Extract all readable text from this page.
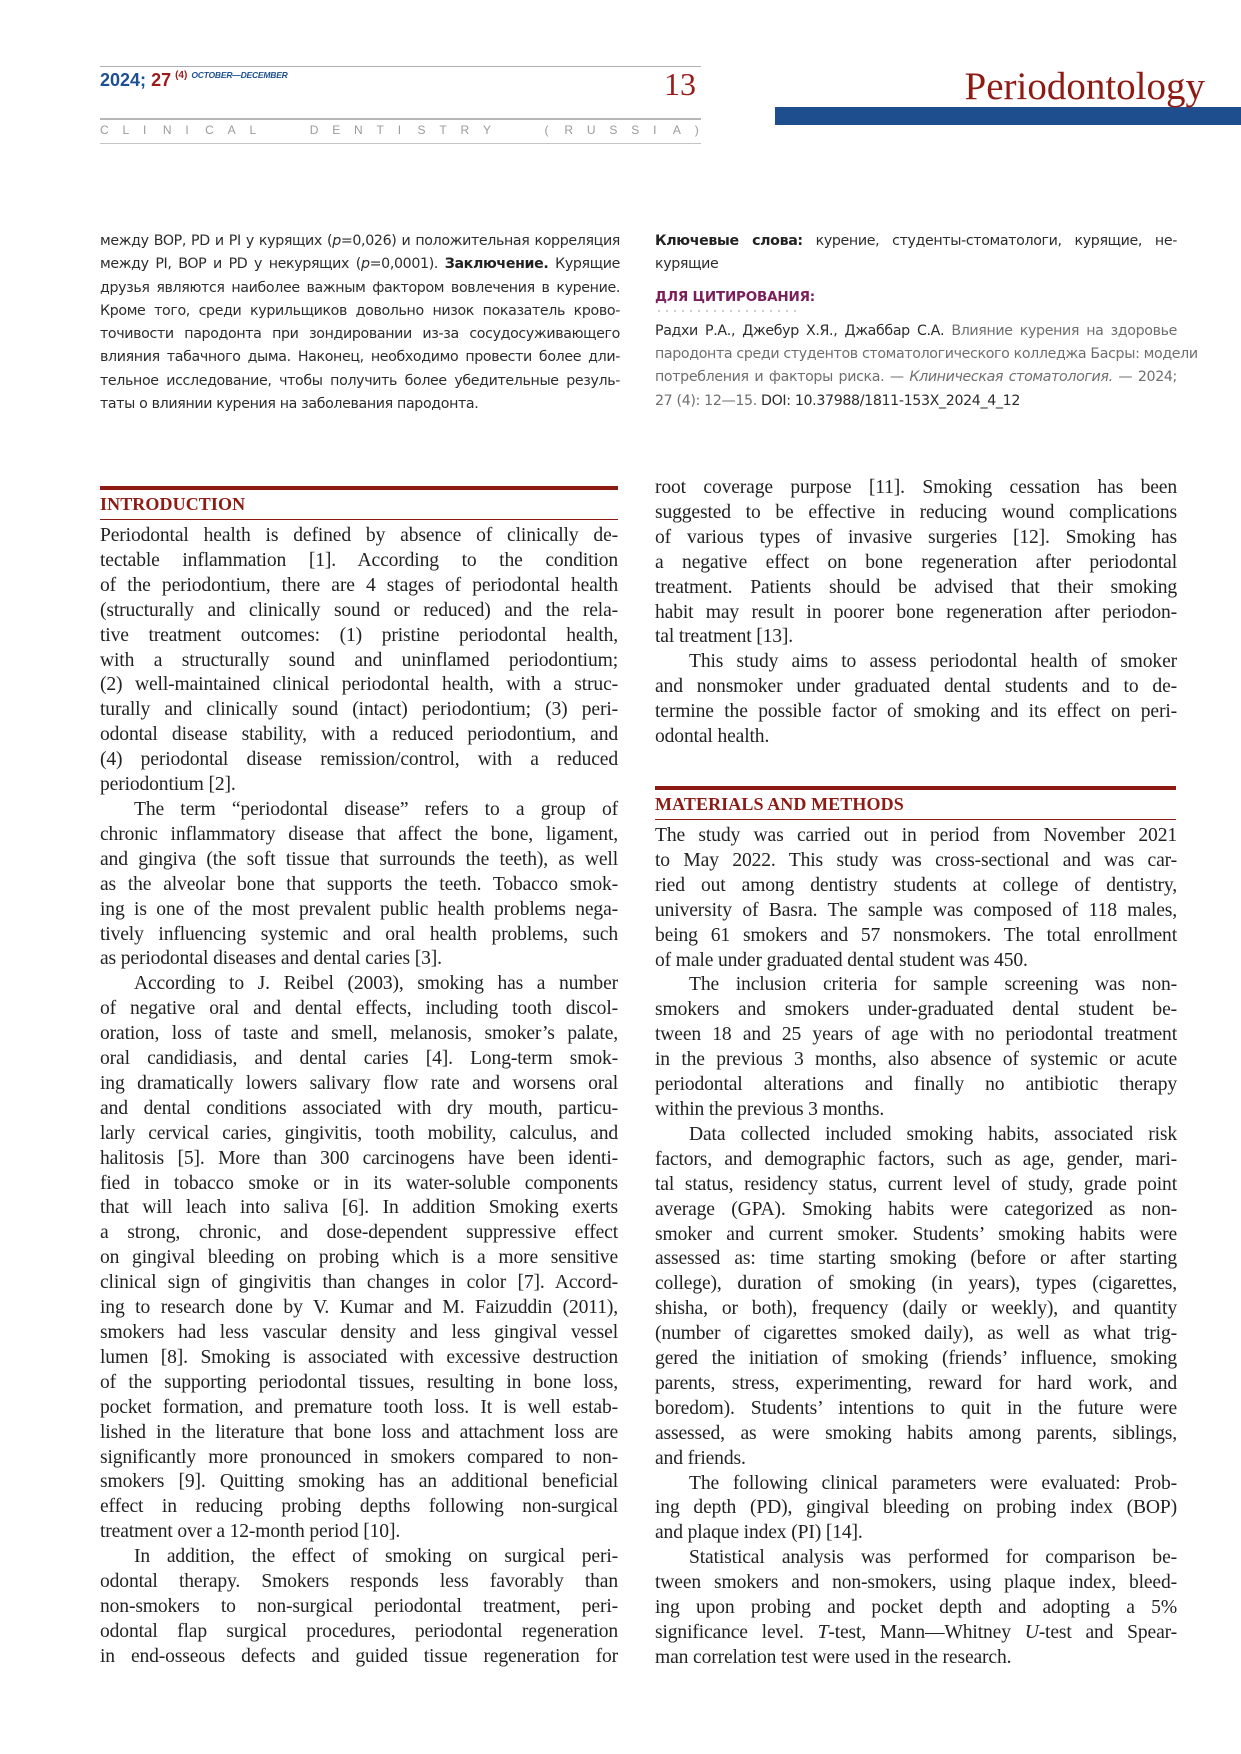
2024; 27 $^{(4)}$ $^{OCTOBER—DECEMBER}$	13
C L I N I C A L	D E N T I S T R Y	( R U S S I A )
Periodontology
между BOP, PD и PI у курящих (p=0,026) и положительная корреляция
между PI, BOP и PD у некурящих (p=0,0001). Заключение. Курящие
друзья являются наиболее важным фактором вовлечения в курение.
Кроме того, среди курильщиков довольно низок показатель крово-
точивости пародонта при зондировании из-за сосудосуживающего
влияния табачного дыма. Наконец, необходимо провести более дли-
тельное исследование, чтобы получить более убедительные резуль-
таты о влиянии курения на заболевания пародонта.
Ключевые слова: курение, студенты-стоматологи, курящие, не-
курящие
ДЛЯ ЦИТИРОВАНИЯ:
Радхи Р.А., Джебур Х.Я., Джаббар С.А. Влияние курения на здоровье
пародонта среди студентов стоматологического колледжа Басры: модели
потребления и факторы риска. — Клиническая стоматология. — 2024;
27 (4): 12—15. DOI: 10.37988/1811-153X_2024_4_12
INTRODUCTION
MATERIALS AND METHODS
Periodontal health is defined by absence of clinically de-
tectable inflammation [1]. According to the condition
of the periodontium, there are 4 stages of periodontal health
(structurally and clinically sound or reduced) and the rela-
tive treatment outcomes: (1) pristine periodontal health,
with a structurally sound and uninflamed periodontium;
(2) well-maintained clinical periodontal health, with a struc-
turally and clinically sound (intact) periodontium; (3) peri-
odontal disease stability, with a reduced periodontium, and
(4) periodontal disease remission/control, with a reduced
periodontium [2].
The term “periodontal disease” refers to a group of
chronic inflammatory disease that affect the bone, ligament,
and gingiva (the soft tissue that surrounds the teeth), as well
as the alveolar bone that supports the teeth. Tobacco smok-
ing is one of the most prevalent public health problems nega-
tively influencing systemic and oral health problems, such
as periodontal diseases and dental caries [3].
According to J. Reibel (2003), smoking has a number
of negative oral and dental effects, including tooth discol-
oration, loss of taste and smell, melanosis, smoker’s palate,
oral candidiasis, and dental caries [4]. Long-term smok-
ing dramatically lowers salivary flow rate and worsens oral
and dental conditions associated with dry mouth, particu-
larly cervical caries, gingivitis, tooth mobility, calculus, and
halitosis [5]. More than 300 carcinogens have been identi-
fied in tobacco smoke or in its water-soluble components
that will leach into saliva [6]. In addition Smoking exerts
a strong, chronic, and dose-dependent suppressive effect
on gingival bleeding on probing which is a more sensitive
clinical sign of gingivitis than changes in color [7]. Accord-
ing to research done by V. Kumar and M. Faizuddin (2011),
smokers had less vascular density and less gingival vessel
lumen [8]. Smoking is associated with excessive destruction
of the supporting periodontal tissues, resulting in bone loss,
pocket formation, and premature tooth loss. It is well estab-
lished in the literature that bone loss and attachment loss are
significantly more pronounced in smokers compared to non-
smokers [9]. Quitting smoking has an additional beneficial
effect in reducing probing depths following non-surgical
treatment over a 12-month period [10].
In addition, the effect of smoking on surgical peri-
odontal therapy. Smokers responds less favorably than
non-smokers to non-surgical periodontal treatment, peri-
odontal flap surgical procedures, periodontal regeneration
in end-osseous defects and guided tissue regeneration for
root coverage purpose [11]. Smoking cessation has been
suggested to be effective in reducing wound complications
of various types of invasive surgeries [12]. Smoking has
a negative effect on bone regeneration after periodontal
treatment. Patients should be advised that their smoking
habit may result in poorer bone regeneration after periodon-
tal treatment [13].
This study aims to assess periodontal health of smoker
and nonsmoker under graduated dental students and to de-
termine the possible factor of smoking and its effect on peri-
odontal health.
The study was carried out in period from November 2021
to May 2022. This study was cross-sectional and was car-
ried out among dentistry students at college of dentistry,
university of Basra. The sample was composed of 118 males,
being 61 smokers and 57 nonsmokers. The total enrollment
of male under graduated dental student was 450.
The inclusion criteria for sample screening was non-
smokers and smokers under-graduated dental student be-
tween 18 and 25 years of age with no periodontal treatment
in the previous 3 months, also absence of systemic or acute
periodontal alterations and finally no antibiotic therapy
within the previous 3 months.
Data collected included smoking habits, associated risk
factors, and demographic factors, such as age, gender, mari-
tal status, residency status, current level of study, grade point
average (GPA). Smoking habits were categorized as non-
smoker and current smoker. Students’ smoking habits were
assessed as: time starting smoking (before or after starting
college), duration of smoking (in years), types (cigarettes,
shisha, or both), frequency (daily or weekly), and quantity
(number of cigarettes smoked daily), as well as what trig-
gered the initiation of smoking (friends’ influence, smoking
parents, stress, experimenting, reward for hard work, and
boredom). Students’ intentions to quit in the future were
assessed, as were smoking habits among parents, siblings,
and friends.
The following clinical parameters were evaluated: Prob-
ing depth (PD), gingival bleeding on probing index (BOP)
and plaque index (PI) [14].
Statistical analysis was performed for comparison be-
tween smokers and non-smokers, using plaque index, bleed-
ing upon probing and pocket depth and adopting a 5%
significance level. T-test, Mann—Whitney U-test and Spear-
man correlation test were used in the research.
